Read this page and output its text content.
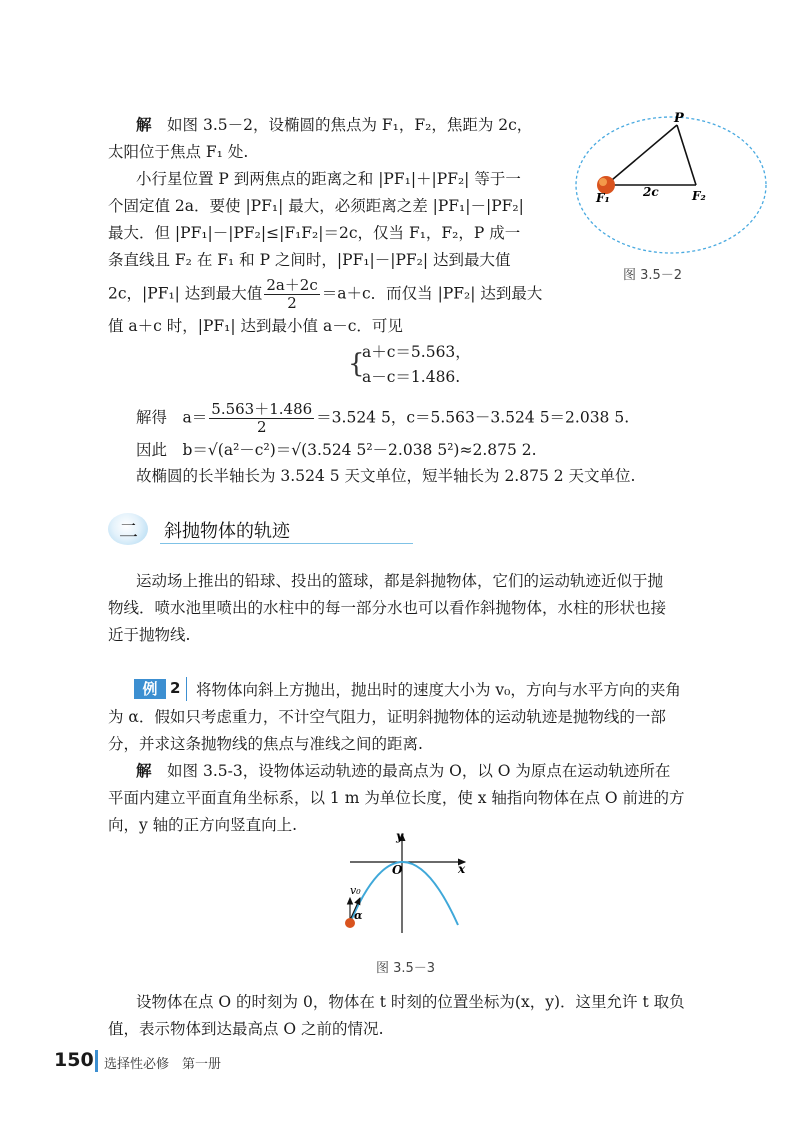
解　 如图 3.5－2，设椭圆的焦点为 F₁，F₂，焦距为 2c，
太阳位于焦点 F₁ 处.
小行星位置 P 到两焦点的距离之和 |PF₁|＋|PF₂| 等于一
个固定值 2a．要使 |PF₁| 最大，必须距离之差 |PF₁|－|PF₂|
最大．但 |PF₁|－|PF₂|≤|F₁F₂|＝2c，仅当 F₁，F₂，P 成一
条直线且 F₂ 在 F₁ 和 P 之间时，|PF₁|－|PF₂| 达到最大值
2c，|PF₁| 达到最大值 $\frac{2a+2c}{2} =a+c$．而仅当 |PF₂| 达到最大
值 a＋c 时，|PF₁| 达到最小值 a－c．可见
{
a＋c＝5.563，
a－c＝1.486.
解得　 $a= \frac{5.563+1.486}{2} =3.524$ 5，c＝5.563－3.524 5＝2.038 5.
因此　b＝√(a²－c²)＝√(3.524 5²－2.038 5²)≈2.875 2.
故椭圆的长半轴长为 3.524 5 天文单位，短半轴长为 2.875 2 天文单位.
P
F₁	F₂
2c
图 3.5－2
二 斜抛物体的轨迹
运动场上推出的铅球、投出的篮球，都是斜抛物体，它们的运动轨迹近似于抛
物线．喷水池里喷出的水柱中的每一部分水也可以看作斜抛物体，水柱的形状也接
近于抛物线.
例 2 将物体向斜上方抛出，抛出时的速度大小为 v₀，方向与水平方向的夹角
为 α．假如只考虑重力，不计空气阻力，证明斜抛物体的运动轨迹是抛物线的一部
分，并求这条抛物线的焦点与准线之间的距离.
解　 如图 3.5-3，设物体运动轨迹的最高点为 O，以 O 为原点在运动轨迹所在
平面内建立平面直角坐标系，以 1 m 为单位长度，使 x 轴指向物体在点 O 前进的方
向，y 轴的正方向竖直向上.
y
x
O
v₀
α
图 3.5－3
设物体在点 O 的时刻为 0，物体在 t 时刻的位置坐标为(x，y)．这里允许 t 取负
值，表示物体到达最高点 O 之前的情况.
150 选择性必修　第一册
